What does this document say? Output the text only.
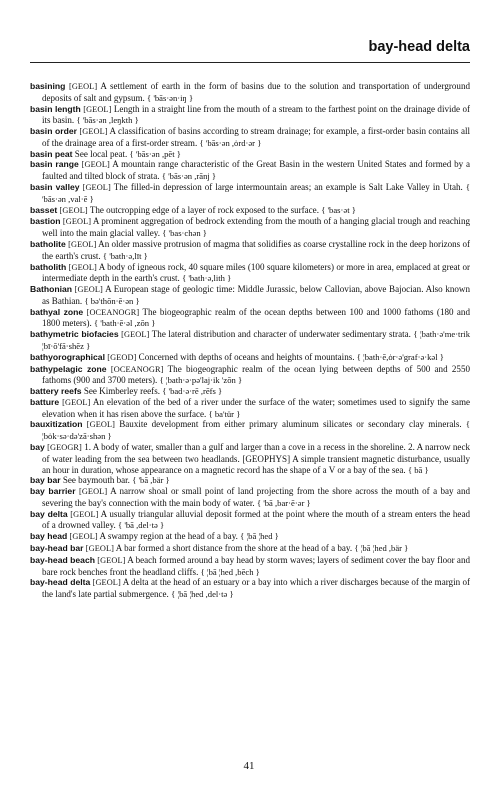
bay-head delta

basining [GEOL] A settlement of earth in the form of basins due to the solution and transportation of underground deposits of salt and gypsum. { 'bās·ən·iŋ }

basin length [GEOL] Length in a straight line from the mouth of a stream to the farthest point on the drainage divide of its basin. { 'bās·ən ,leŋkth }

basin order [GEOL] A classification of basins according to stream drainage; for example, a first-order basin contains all of the drainage area of a first-order stream. { 'bās·ən ,ȯrd·ər }

basin peat See local peat. { 'bās·ən ,pēt }

basin range [GEOL] A mountain range characteristic of the Great Basin in the western United States and formed by a faulted and tilted block of strata. { 'bās·ən ,rānj }

basin valley [GEOL] The filled-in depression of large intermountain areas; an example is Salt Lake Valley in Utah. { 'bās·ən ,val·ē }

basset [GEOL] The outcropping edge of a layer of rock exposed to the surface. { 'bas·ət }

bastion [GEOL] A prominent aggregation of bedrock extending from the mouth of a hanging glacial trough and reaching well into the main glacial valley. { 'bas·chən }

batholite [GEOL] An older massive protrusion of magma that solidifies as coarse crystalline rock in the deep horizons of the earth's crust. { 'bath·ə,līt }

batholith [GEOL] A body of igneous rock, 40 square miles (100 square kilometers) or more in area, emplaced at great or intermediate depth in the earth's crust. { 'bath·ə,lith }

Bathonian [GEOL] A European stage of geologic time: Middle Jurassic, below Callovian, above Bajocian. Also known as Bathian. { bə'thōn·ē·ən }

bathyal zone [OCEANOGR] The biogeographic realm of the ocean depths between 100 and 1000 fathoms (180 and 1800 meters). { 'bath·ē·əl ,zōn }

bathymetric biofacies [GEOL] The lateral distribution and character of underwater sedimentary strata. { ¦bath·ə'me·trik ¦bī·ō'fā·shēz }

bathyorographical [GEOD] Concerned with depths of oceans and heights of mountains. { ¦bath·ē,ȯr·ə'graf·ə·kəl }

bathypelagic zone [OCEANOGR] The biogeographic realm of the ocean lying between depths of 500 and 2550 fathoms (900 and 3700 meters). { ¦bath·ə·pə'laj·ik 'zōn }

battery reefs See Kimberley reefs. { 'bad·ə·rē ,rēfs }

batture [GEOL] An elevation of the bed of a river under the surface of the water; sometimes used to signify the same elevation when it has risen above the surface. { ba'tür }

bauxitization [GEOL] Bauxite development from either primary aluminum silicates or secondary clay minerals. { ¦bȯk·sə·də'zā·shən }

bay [GEOGR] 1. A body of water, smaller than a gulf and larger than a cove in a recess in the shoreline. 2. A narrow neck of water leading from the sea between two headlands. [GEOPHYS] A simple transient magnetic disturbance, usually an hour in duration, whose appearance on a magnetic record has the shape of a V or a bay of the sea. { bā }

bay bar See baymouth bar. { 'bā ,bär }

bay barrier [GEOL] A narrow shoal or small point of land projecting from the shore across the mouth of a bay and severing the bay's connection with the main body of water. { 'bā ,bar·ē·ər }

bay delta [GEOL] A usually triangular alluvial deposit formed at the point where the mouth of a stream enters the head of a drowned valley. { 'bā ,del·tə }

bay head [GEOL] A swampy region at the head of a bay. { ¦bā ¦hed }

bay-head bar [GEOL] A bar formed a short distance from the shore at the head of a bay. { ¦bā ¦hed ,bär }

bay-head beach [GEOL] A beach formed around a bay head by storm waves; layers of sediment cover the bay floor and bare rock benches front the headland cliffs. { ¦bā ¦hed ,bēch }

bay-head delta [GEOL] A delta at the head of an estuary or a bay into which a river discharges because of the margin of the land's late partial submergence. { ¦bā ¦hed ,del·tə }

41
